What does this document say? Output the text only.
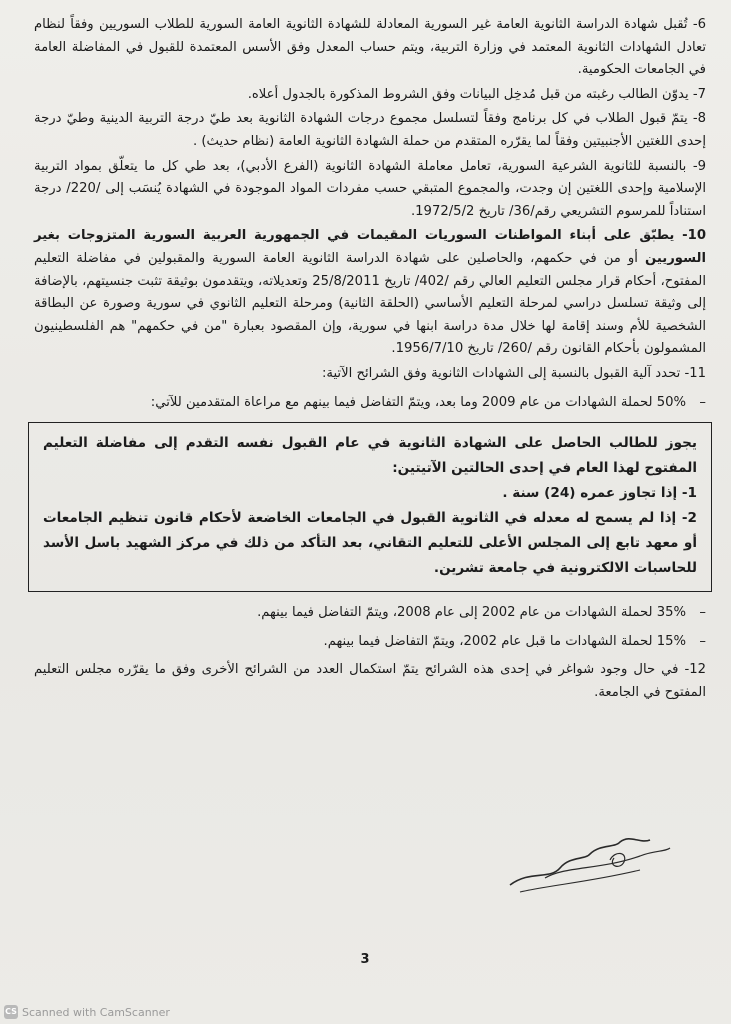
6- تُقبل شهادة الدراسة الثانوية العامة غير السورية المعادلة للشهادة الثانوية العامة السورية للطلاب السوريين وفقاً لنظام تعادل الشهادات الثانوية المعتمد في وزارة التربية، ويتم حساب المعدل وفق الأسس المعتمدة للقبول في المفاضلة العامة في الجامعات الحكومية.

7- يدوّن الطالب رغبته من قبل مُدخِل البيانات وفق الشروط المذكورة بالجدول أعلاه.

8- يتمّ قبول الطلاب في كل برنامج وفقاً لتسلسل مجموع درجات الشهادة الثانوية بعد طيّ درجة التربية الدينية وطيّ درجة إحدى اللغتين الأجنبيتين وفقاً لما يقرّره المتقدم من حملة الشهادة الثانوية العامة (نظام حديث) .

9- بالنسبة للثانوية الشرعية السورية، تعامل معاملة الشهادة الثانوية (الفرع الأدبي)، بعد طي كل ما يتعلّق بمواد التربية الإسلامية وإحدى اللغتين إن وجدت، والمجموع المتبقي حسب مفردات المواد الموجودة في الشهادة يُنسَب إلى /220/ درجة استناداً للمرسوم التشريعي رقم/36/ تاريخ 1972/5/2.

10- يطبّق على أبناء المواطنات السوريات المقيمات في الجمهورية العربية السورية المتزوجات بغير السوريين أو من في حكمهم، والحاصلين على شهادة الدراسة الثانوية العامة السورية والمقبولين في مفاضلة التعليم المفتوح، أحكام قرار مجلس التعليم العالي رقم /402/ تاريخ 25/8/2011 وتعديلاته، ويتقدمون بوثيقة تثبت جنسيتهم، بالإضافة إلى وثيقة تسلسل دراسي لمرحلة التعليم الأساسي (الحلقة الثانية) ومرحلة التعليم الثانوي في سورية وصورة عن البطاقة الشخصية للأم وسند إقامة لها خلال مدة دراسة ابنها في سورية، وإن المقصود بعبارة "من في حكمهم" هم الفلسطينيون المشمولون بأحكام القانون رقم /260/ تاريخ 1956/7/10.

11- تحدد آلية القبول بالنسبة إلى الشهادات الثانوية وفق الشرائح الآتية:

– 50% لحملة الشهادات من عام 2009 وما بعد، ويتمّ التفاضل فيما بينهم مع مراعاة المتقدمين للآتي:

يجوز للطالب الحاصل على الشهادة الثانوية في عام القبول نفسه التقدم إلى مفاضلة التعليم المفتوح لهذا العام في إحدى الحالتين الآتيتين:
1- إذا تجاوز عمره (24) سنة .
2- إذا لم يسمح له معدله في الثانوية القبول في الجامعات الخاضعة لأحكام قانون تنظيم الجامعات أو معهد تابع إلى المجلس الأعلى للتعليم التقاني، بعد التأكد من ذلك في مركز الشهيد باسل الأسد للحاسبات الالكترونية في جامعة تشرين.

– 35% لحملة الشهادات من عام 2002 إلى عام 2008، ويتمّ التفاضل فيما بينهم.

– 15% لحملة الشهادات ما قبل عام 2002، ويتمّ التفاضل فيما بينهم.

12- في حال وجود شواغر في إحدى هذه الشرائح يتمّ استكمال العدد من الشرائح الأخرى وفق ما يقرّره مجلس التعليم المفتوح في الجامعة.

3
CS Scanned with CamScanner
